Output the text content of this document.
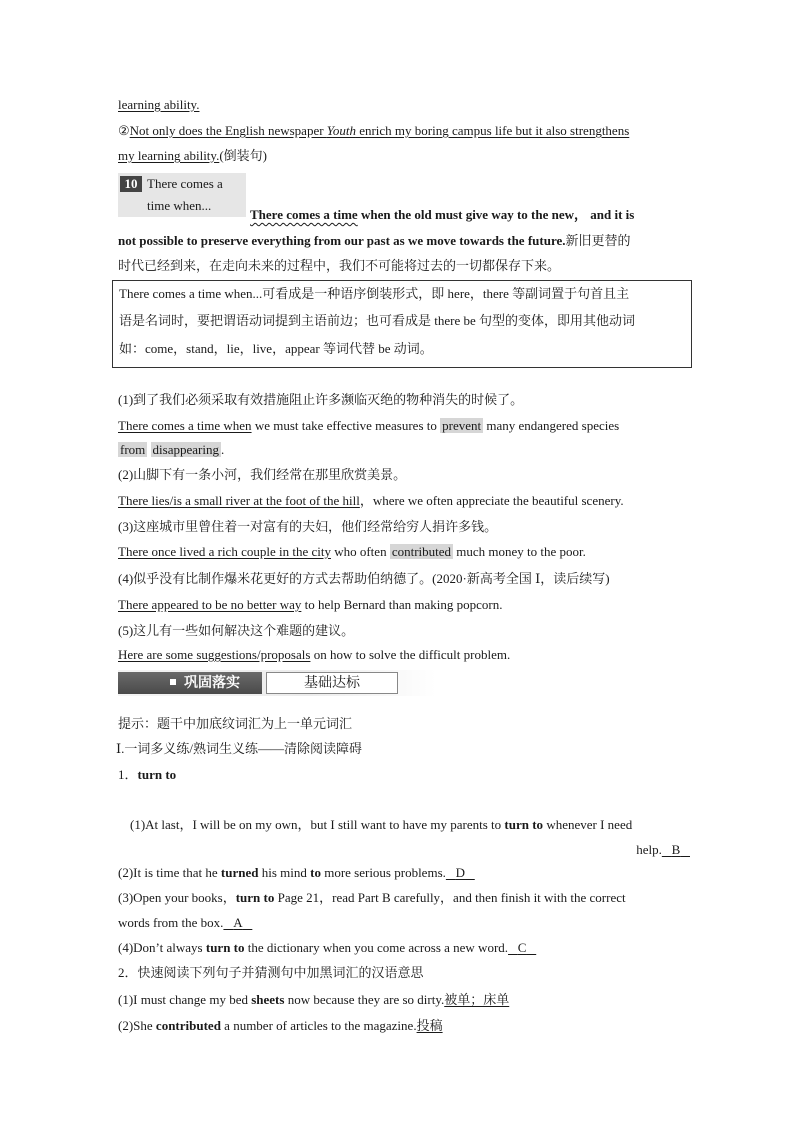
learning ability.
②Not only does the English newspaper Youth enrich my boring campus life but it also strengthens
my learning ability.(倒装句)
10 There comes a
time when...
There comes a time when the old must give way to the new， and it is
not possible to preserve everything from our past as we move towards the future.新旧更替的
时代已经到来，在走向未来的过程中，我们不可能将过去的一切都保存下来。
There comes a time when...可看成是一种语序倒装形式，即 here，there 等副词置于句首且主
语是名词时，要把谓语动词提到主语前边；也可看成是 there be 句型的变体，即用其他动词
如：come，stand，lie，live，appear 等词代替 be 动词。
(1)到了我们必须采取有效措施阻止许多濒临灭绝的物种消失的时候了。
There comes a time when we must take effective measures to prevent many endangered species
from disappearing .
(2)山脚下有一条小河，我们经常在那里欣赏美景。
There lies/is a small river at the foot of the hill，where we often appreciate the beautiful scenery.
(3)这座城市里曾住着一对富有的夫妇，他们经常给穷人捐许多钱。
There once lived a rich couple in the city who often contributed much money to the poor.
(4)似乎没有比制作爆米花更好的方式去帮助伯纳德了。(2020·新高考全国 Ⅰ，读后续写)
There appeared to be no better way to help Bernard than making popcorn.
(5)这儿有一些如何解决这个难题的建议。
Here are some suggestions/proposals on how to solve the difficult problem.
巩固落实	基础达标
提示：题干中加底纹词汇为上一单元词汇
Ⅰ.一词多义练/熟词生义练——清除阅读障碍
1．turn to
(1)At last，I will be on my own，but I still want to have my parents to turn to whenever I need
help. B
(2)It is time that he turned his mind to more serious problems. D
(3)Open your books，turn to Page 21，read Part B carefully，and then finish it with the correct
words from the box. A
(4)Don’t always turn to the dictionary when you come across a new word. C
2．快速阅读下列句子并猜测句中加黑词汇的汉语意思
(1)I must change my bed sheets now because they are so dirty.被单；床单
(2)She contributed a number of articles to the magazine.投稿
